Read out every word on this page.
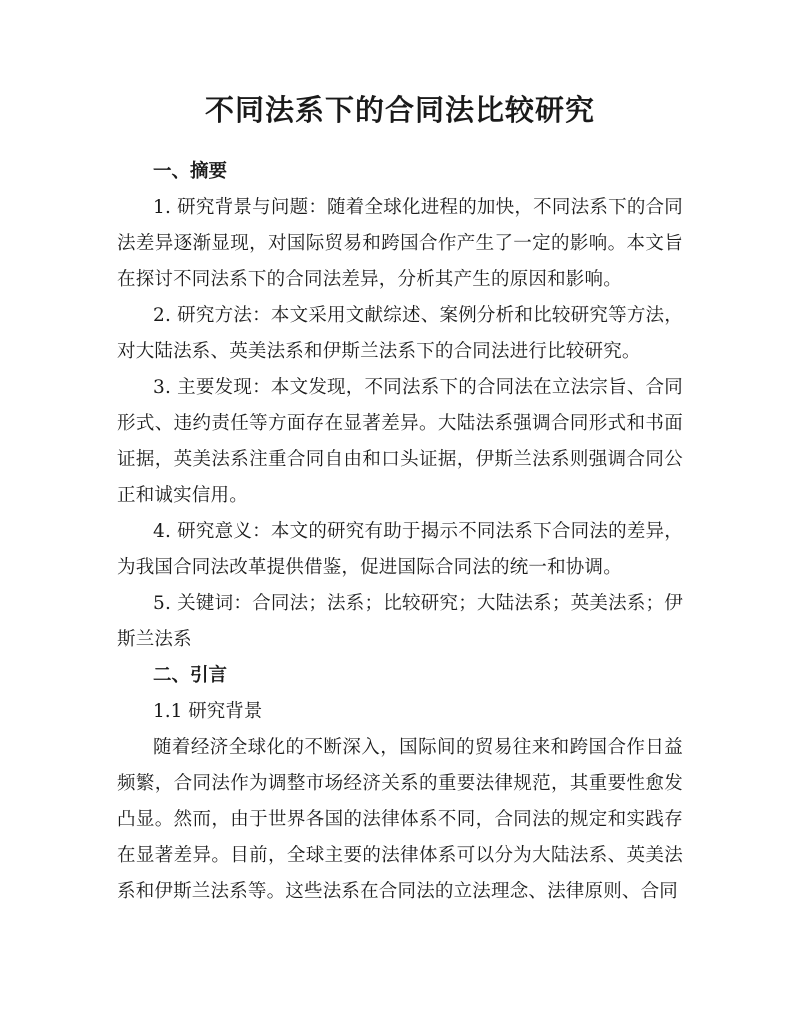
不同法系下的合同法比较研究
一、摘要

1. 研究背景与问题：随着全球化进程的加快，不同法系下的合同法差异逐渐显现，对国际贸易和跨国合作产生了一定的影响。本文旨在探讨不同法系下的合同法差异，分析其产生的原因和影响。

2. 研究方法：本文采用文献综述、案例分析和比较研究等方法，对大陆法系、英美法系和伊斯兰法系下的合同法进行比较研究。

3. 主要发现：本文发现，不同法系下的合同法在立法宗旨、合同形式、违约责任等方面存在显著差异。大陆法系强调合同形式和书面证据，英美法系注重合同自由和口头证据，伊斯兰法系则强调合同公正和诚实信用。

4. 研究意义：本文的研究有助于揭示不同法系下合同法的差异，为我国合同法改革提供借鉴，促进国际合同法的统一和协调。

5. 关键词：合同法；法系；比较研究；大陆法系；英美法系；伊斯兰法系

二、引言

1.1 研究背景

随着经济全球化的不断深入，国际间的贸易往来和跨国合作日益频繁，合同法作为调整市场经济关系的重要法律规范，其重要性愈发凸显。然而，由于世界各国的法律体系不同，合同法的规定和实践存在显著差异。目前，全球主要的法律体系可以分为大陆法系、英美法系和伊斯兰法系等。这些法系在合同法的立法理念、法律原则、合同
